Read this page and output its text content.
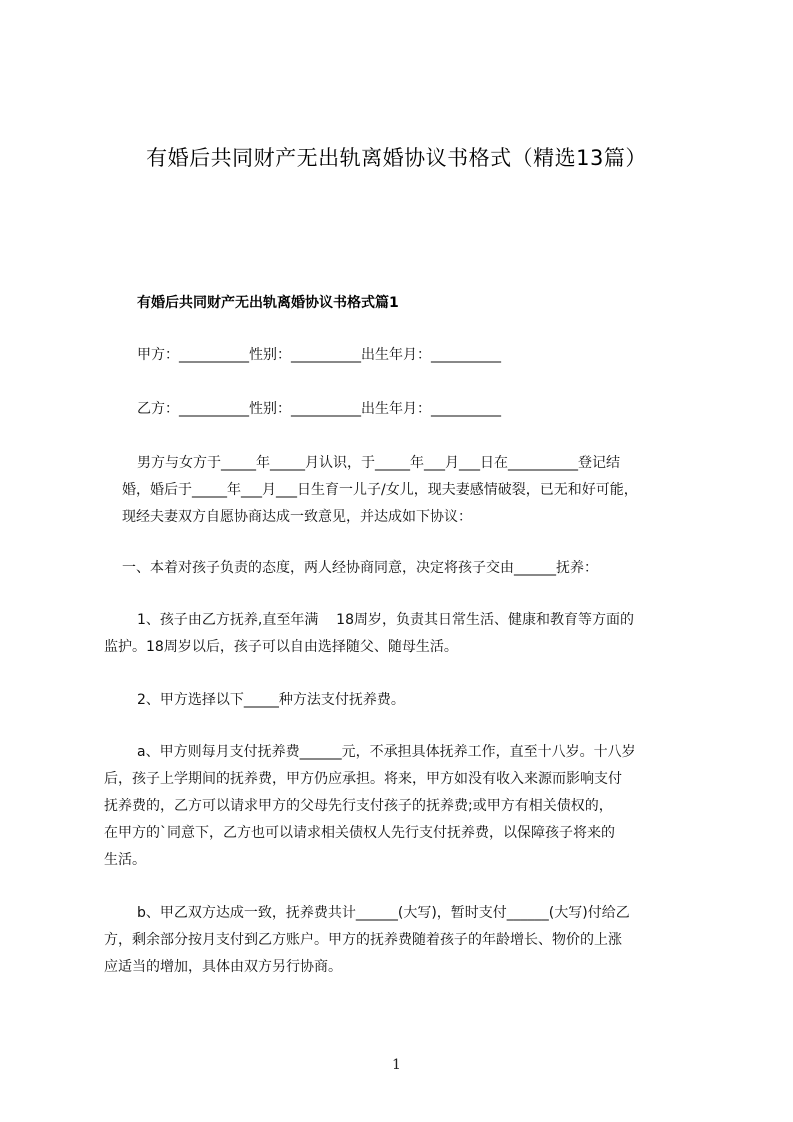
有婚后共同财产无出轨离婚协议书格式（精选13篇）
有婚后共同财产无出轨离婚协议书格式篇1
甲方：__________性别：__________出生年月：__________
乙方：__________性别：__________出生年月：__________
男方与女方于_____年_____月认识，于_____年___月___日在__________登记结
婚，婚后于_____年___月___日生育一儿子/女儿，现夫妻感情破裂，已无和好可能，
现经夫妻双方自愿协商达成一致意见，并达成如下协议：
一、本着对孩子负责的态度，两人经协商同意，决定将孩子交由______抚养：
1、孩子由乙方抚养,直至年满    18周岁，负责其日常生活、健康和教育等方面的
监护。18周岁以后，孩子可以自由选择随父、随母生活。
2、甲方选择以下_____种方法支付抚养费。
a、甲方则每月支付抚养费______元，不承担具体抚养工作，直至十八岁。十八岁
后，孩子上学期间的抚养费，甲方仍应承担。将来，甲方如没有收入来源而影响支付
抚养费的，乙方可以请求甲方的父母先行支付孩子的抚养费;或甲方有相关债权的，
在甲方的`同意下，乙方也可以请求相关债权人先行支付抚养费，以保障孩子将来的
生活。
b、甲乙双方达成一致，抚养费共计______(大写)，暂时支付______(大写)付给乙
方，剩余部分按月支付到乙方账户。甲方的抚养费随着孩子的年龄增长、物价的上涨
应适当的增加，具体由双方另行协商。
1
